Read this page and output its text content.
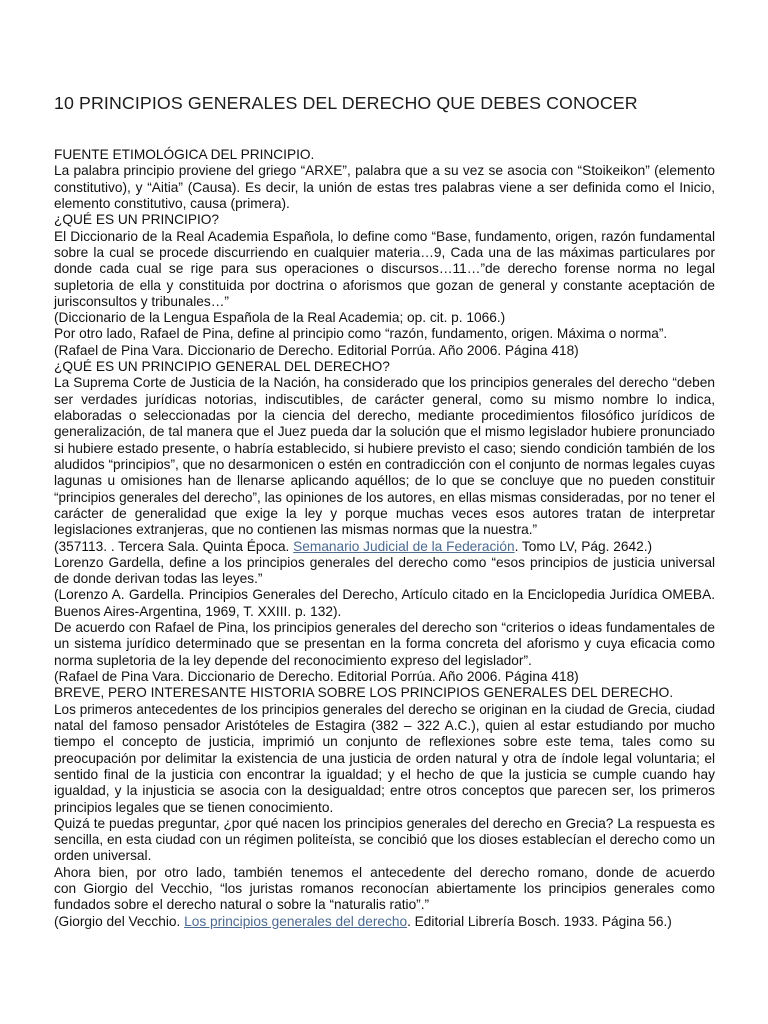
10 PRINCIPIOS GENERALES DEL DERECHO QUE DEBES CONOCER
FUENTE ETIMOLÓGICA DEL PRINCIPIO.
La palabra principio proviene del griego “ARXE”, palabra que a su vez se asocia con “Stoikeikon” (elemento
constitutivo), y “Aitia” (Causa). Es decir, la unión de estas tres palabras viene a ser definida como el Inicio,
elemento constitutivo, causa (primera).
¿QUÉ ES UN PRINCIPIO?
El Diccionario de la Real Academia Española, lo define como “Base, fundamento, origen, razón fundamental
sobre la cual se procede discurriendo en cualquier materia…9, Cada una de las máximas particulares por
donde cada cual se rige para sus operaciones o discursos…11…”de derecho forense norma no legal
supletoria de ella y constituida por doctrina o aforismos que gozan de general y constante aceptación de
jurisconsultos y tribunales…”
(Diccionario de la Lengua Española de la Real Academia; op. cit. p. 1066.)
Por otro lado, Rafael de Pina, define al principio como “razón, fundamento, origen. Máxima o norma”.
(Rafael de Pina Vara. Diccionario de Derecho. Editorial Porrúa. Año 2006. Página 418)
¿QUÉ ES UN PRINCIPIO GENERAL DEL DERECHO?
La Suprema Corte de Justicia de la Nación, ha considerado que los principios generales del derecho “deben
ser verdades jurídicas notorias, indiscutibles, de carácter general, como su mismo nombre lo indica,
elaboradas o seleccionadas por la ciencia del derecho, mediante procedimientos filosófico jurídicos de
generalización, de tal manera que el Juez pueda dar la solución que el mismo legislador hubiere pronunciado
si hubiere estado presente, o habría establecido, si hubiere previsto el caso; siendo condición también de los
aludidos “principios”, que no desarmonicen o estén en contradicción con el conjunto de normas legales cuyas
lagunas u omisiones han de llenarse aplicando aquéllos; de lo que se concluye que no pueden constituir
“principios generales del derecho”, las opiniones de los autores, en ellas mismas consideradas, por no tener el
carácter de generalidad que exige la ley y porque muchas veces esos autores tratan de interpretar
legislaciones extranjeras, que no contienen las mismas normas que la nuestra.”
(357113. . Tercera Sala. Quinta Época. Semanario Judicial de la Federación. Tomo LV, Pág. 2642.)
Lorenzo Gardella, define a los principios generales del derecho como “esos principios de justicia universal
de donde derivan todas las leyes.”
(Lorenzo A. Gardella. Principios Generales del Derecho, Artículo citado en la Enciclopedia Jurídica OMEBA.
Buenos Aires-Argentina, 1969, T. XXIII. p. 132).
De acuerdo con Rafael de Pina, los principios generales del derecho son “criterios o ideas fundamentales de
un sistema jurídico determinado que se presentan en la forma concreta del aforismo y cuya eficacia como
norma supletoria de la ley depende del reconocimiento expreso del legislador”.
(Rafael de Pina Vara. Diccionario de Derecho. Editorial Porrúa. Año 2006. Página 418)
BREVE, PERO INTERESANTE HISTORIA SOBRE LOS PRINCIPIOS GENERALES DEL DERECHO.
Los primeros antecedentes de los principios generales del derecho se originan en la ciudad de Grecia, ciudad
natal del famoso pensador Aristóteles de Estagira (382 – 322 A.C.), quien al estar estudiando por mucho
tiempo el concepto de justicia, imprimió un conjunto de reflexiones sobre este tema, tales como su
preocupación por delimitar la existencia de una justicia de orden natural y otra de índole legal voluntaria; el
sentido final de la justicia con encontrar la igualdad; y el hecho de que la justicia se cumple cuando hay
igualdad, y la injusticia se asocia con la desigualdad; entre otros conceptos que parecen ser, los primeros
principios legales que se tienen conocimiento.
Quizá te puedas preguntar, ¿por qué nacen los principios generales del derecho en Grecia? La respuesta es
sencilla, en esta ciudad con un régimen politeísta, se concibió que los dioses establecían el derecho como un
orden universal.
Ahora bien, por otro lado, también tenemos el antecedente del derecho romano, donde de acuerdo
con Giorgio del Vecchio, “los juristas romanos reconocían abiertamente los principios generales como
fundados sobre el derecho natural o sobre la “naturalis ratio”.”
(Giorgio del Vecchio. Los principios generales del derecho. Editorial Librería Bosch. 1933. Página 56.)
